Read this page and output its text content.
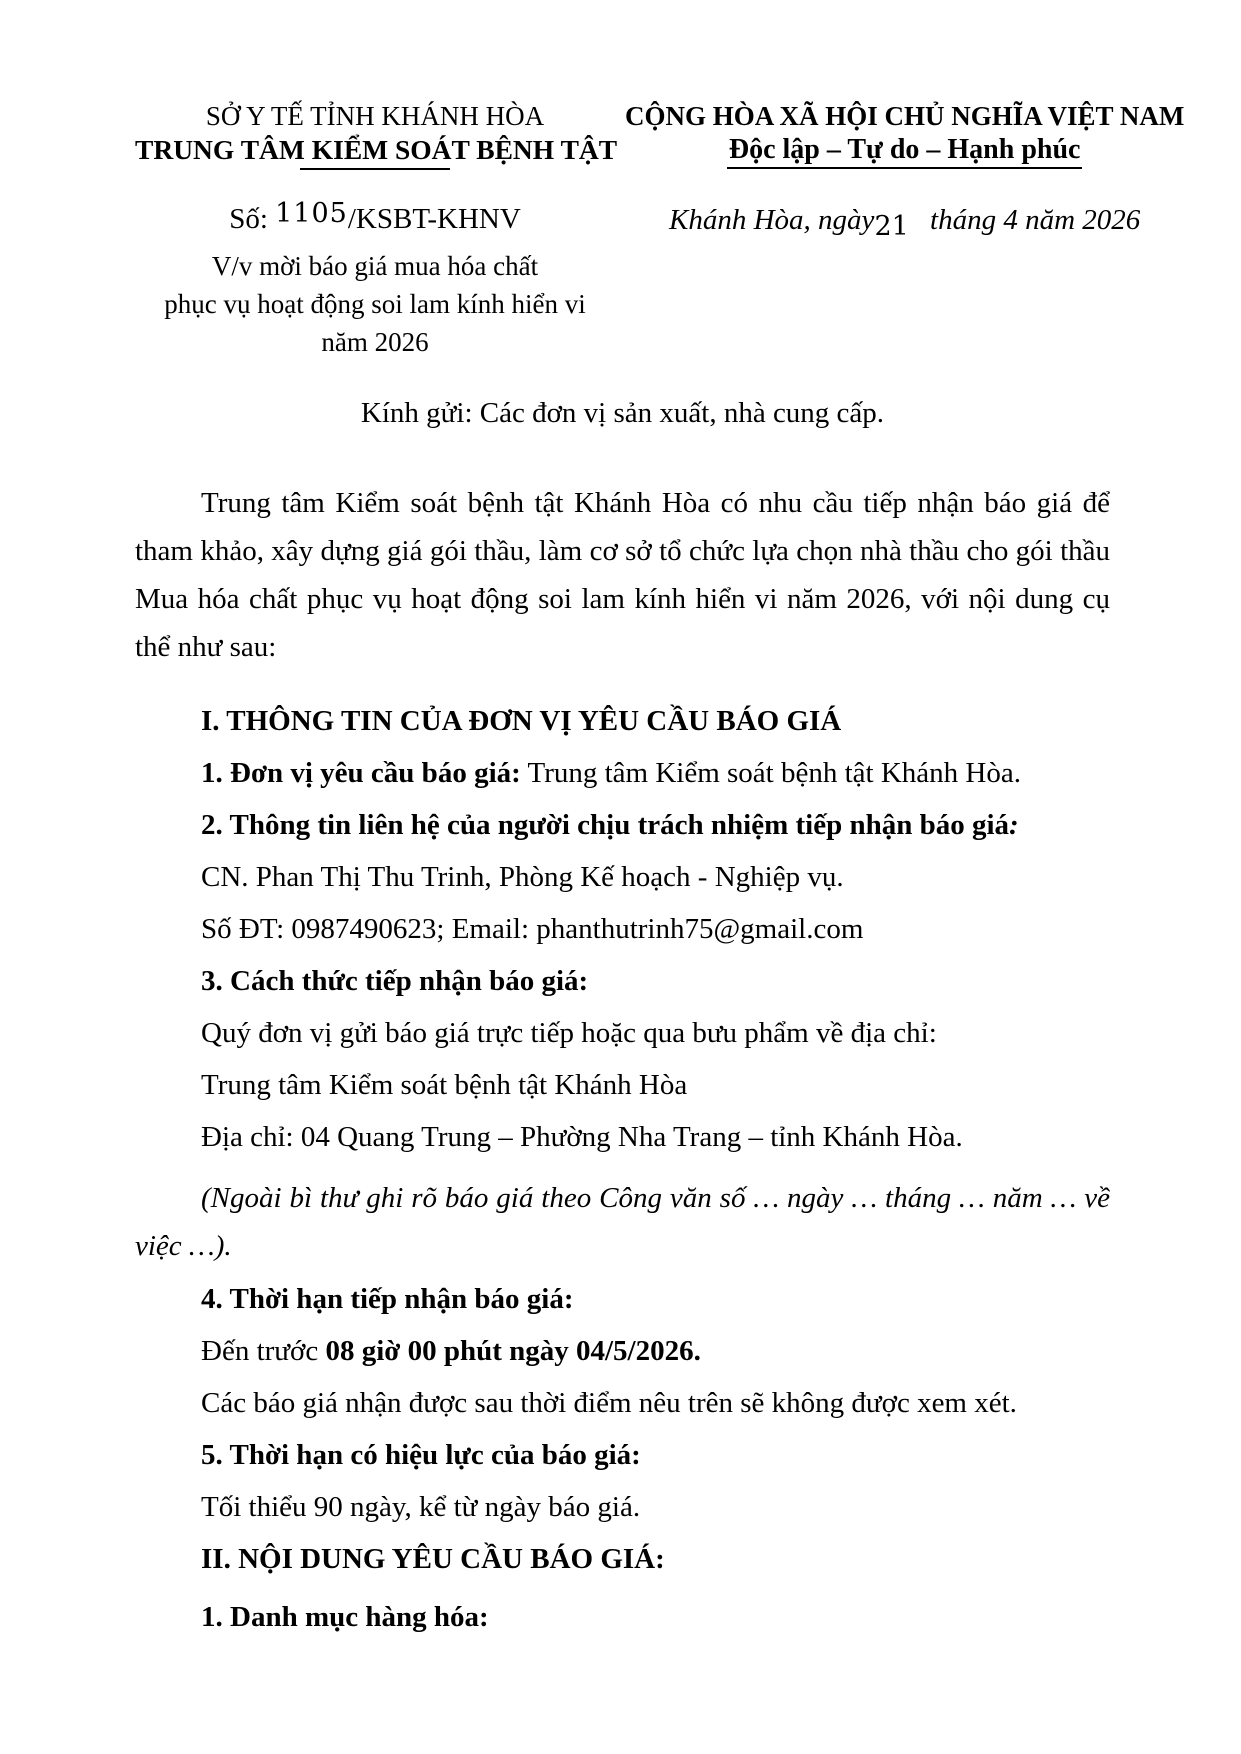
SỞ Y TẾ TỈNH KHÁNH HÒA
TRUNG TÂM KIỂM SOÁT BỆNH TẬT
Số: 1105/KSBT-KHNV
V/v mời báo giá mua hóa chất
phục vụ hoạt động soi lam kính hiển vi
năm 2026
CỘNG HÒA XÃ HỘI CHỦ NGHĨA VIỆT NAM
Độc lập – Tự do – Hạnh phúc
Khánh Hòa, ngày21 tháng 4 năm 2026
Kính gửi: Các đơn vị sản xuất, nhà cung cấp.

Trung tâm Kiểm soát bệnh tật Khánh Hòa có nhu cầu tiếp nhận báo giá để tham khảo, xây dựng giá gói thầu, làm cơ sở tổ chức lựa chọn nhà thầu cho gói thầu Mua hóa chất phục vụ hoạt động soi lam kính hiển vi năm 2026, với nội dung cụ thể như sau:

I. THÔNG TIN CỦA ĐƠN VỊ YÊU CẦU BÁO GIÁ

1. Đơn vị yêu cầu báo giá: Trung tâm Kiểm soát bệnh tật Khánh Hòa.

2. Thông tin liên hệ của người chịu trách nhiệm tiếp nhận báo giá:

CN. Phan Thị Thu Trinh, Phòng Kế hoạch - Nghiệp vụ.

Số ĐT: 0987490623; Email: phanthutrinh75@gmail.com

3. Cách thức tiếp nhận báo giá:

Quý đơn vị gửi báo giá trực tiếp hoặc qua bưu phẩm về địa chỉ:

Trung tâm Kiểm soát bệnh tật Khánh Hòa

Địa chỉ: 04 Quang Trung – Phường Nha Trang – tỉnh Khánh Hòa.

(Ngoài bì thư ghi rõ báo giá theo Công văn số … ngày … tháng … năm … về việc …).

4. Thời hạn tiếp nhận báo giá:

Đến trước 08 giờ 00 phút ngày 04/5/2026.

Các báo giá nhận được sau thời điểm nêu trên sẽ không được xem xét.

5. Thời hạn có hiệu lực của báo giá:

Tối thiểu 90 ngày, kể từ ngày báo giá.

II. NỘI DUNG YÊU CẦU BÁO GIÁ:

1. Danh mục hàng hóa:
